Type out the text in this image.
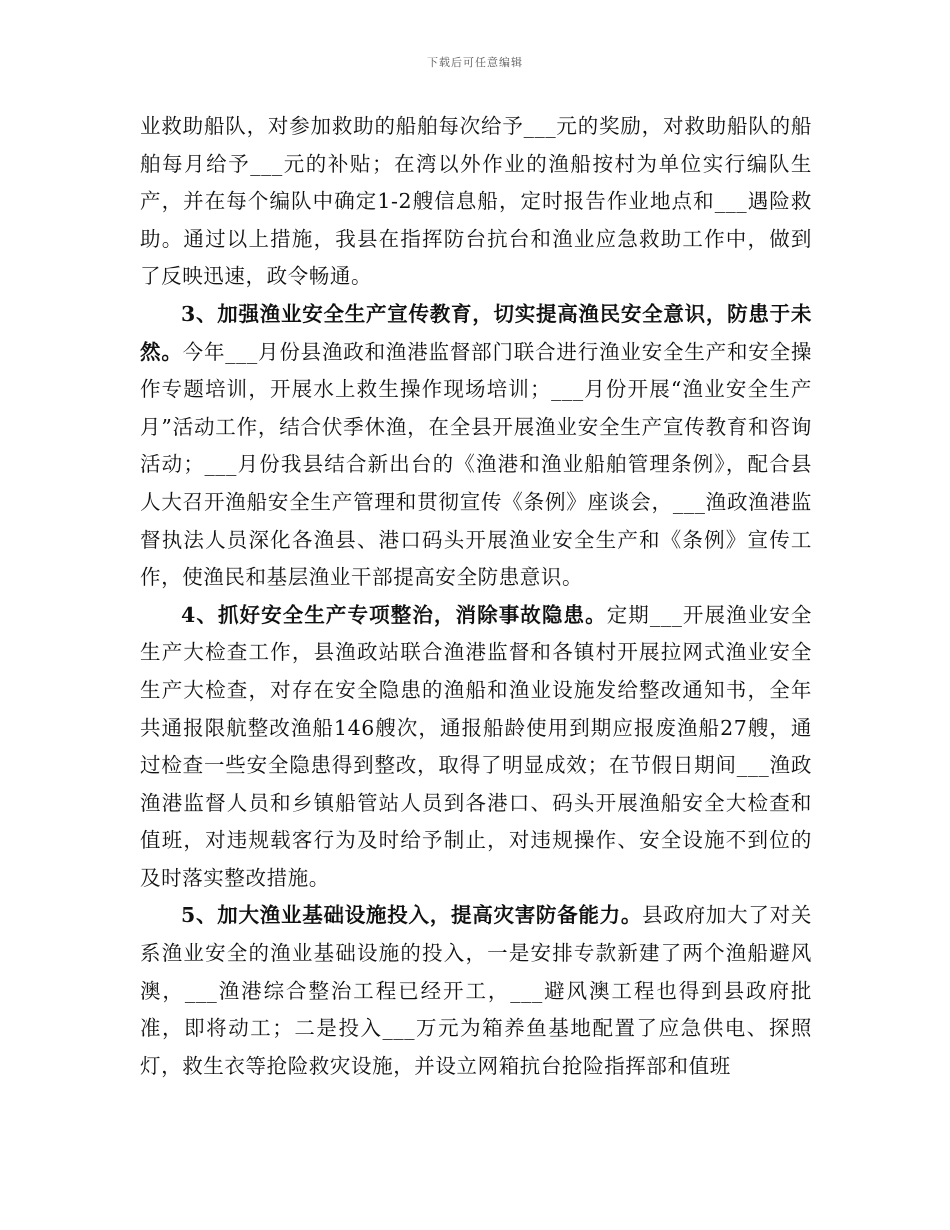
下载后可任意编辑

业救助船队，对参加救助的船舶每次给予___元的奖励，对救助船队的船舶每月给予___元的补贴；在湾以外作业的渔船按村为单位实行编队生产，并在每个编队中确定1-2艘信息船，定时报告作业地点和___遇险救助。通过以上措施，我县在指挥防台抗台和渔业应急救助工作中，做到了反映迅速，政令畅通。

3、加强渔业安全生产宣传教育，切实提高渔民安全意识，防患于未然。今年___月份县渔政和渔港监督部门联合进行渔业安全生产和安全操作专题培训，开展水上救生操作现场培训；___月份开展“渔业安全生产月”活动工作，结合伏季休渔，在全县开展渔业安全生产宣传教育和咨询活动；___月份我县结合新出台的《渔港和渔业船舶管理条例》，配合县人大召开渔船安全生产管理和贯彻宣传《条例》座谈会，___渔政渔港监督执法人员深化各渔县、港口码头开展渔业安全生产和《条例》宣传工作，使渔民和基层渔业干部提高安全防患意识。

4、抓好安全生产专项整治，消除事故隐患。定期___开展渔业安全生产大检查工作，县渔政站联合渔港监督和各镇村开展拉网式渔业安全生产大检查，对存在安全隐患的渔船和渔业设施发给整改通知书，全年共通报限航整改渔船146艘次，通报船龄使用到期应报废渔船27艘，通过检查一些安全隐患得到整改，取得了明显成效；在节假日期间___渔政渔港监督人员和乡镇船管站人员到各港口、码头开展渔船安全大检查和值班，对违规载客行为及时给予制止，对违规操作、安全设施不到位的及时落实整改措施。

5、加大渔业基础设施投入，提高灾害防备能力。县政府加大了对关系渔业安全的渔业基础设施的投入，一是安排专款新建了两个渔船避风澳，___渔港综合整治工程已经开工，___避风澳工程也得到县政府批准，即将动工；二是投入___万元为箱养鱼基地配置了应急供电、探照灯，救生衣等抢险救灾设施，并设立网箱抗台抢险指挥部和值班
